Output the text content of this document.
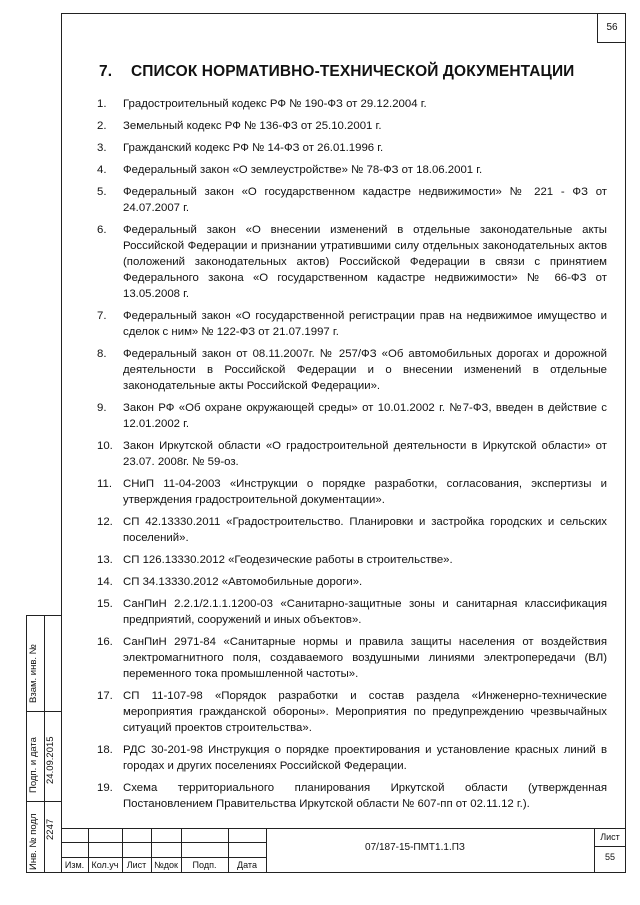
56
7. СПИСОК НОРМАТИВНО-ТЕХНИЧЕСКОЙ ДОКУМЕНТАЦИИ
1.	Градостроительный кодекс РФ № 190-ФЗ от 29.12.2004 г.
2.	Земельный кодекс РФ № 136-ФЗ от 25.10.2001 г.
3.	Гражданский кодекс РФ № 14-ФЗ от 26.01.1996 г.
4.	Федеральный закон «О землеустройстве» № 78-ФЗ от 18.06.2001 г.
5.	Федеральный закон «О государственном кадастре недвижимости» № 221 - ФЗ от 24.07.2007 г.
6.	Федеральный закон «О внесении изменений в отдельные законодательные акты Российской Федерации и признании утратившими силу отдельных законодательных актов (положений законодательных актов) Российской Федерации в связи с принятием Федерального закона «О государственном кадастре недвижимости» № 66-ФЗ от 13.05.2008 г.
7.	Федеральный закон «О государственной регистрации прав на недвижимое имущество и сделок с ним» № 122-ФЗ от 21.07.1997 г.
8.	Федеральный закон от 08.11.2007г. № 257/ФЗ «Об автомобильных дорогах и дорожной деятельности в Российской Федерации и о внесении изменений в отдельные законодательные акты Российской Федерации».
9.	Закон РФ «Об охране окружающей среды» от 10.01.2002 г. №7-ФЗ, введен в действие с 12.01.2002 г.
10. Закон Иркутской области «О градостроительной деятельности в Иркутской области» от 23.07. 2008г. № 59-оз.
11. СНиП 11-04-2003 «Инструкции о порядке разработки, согласования, экспертизы и утверждения градостроительной документации».
12. СП 42.13330.2011 «Градостроительство. Планировки и застройка городских и сельских поселений».
13. СП 126.13330.2012 «Геодезические работы в строительстве».
14. СП 34.13330.2012 «Автомобильные дороги».
15. СанПиН 2.2.1/2.1.1.1200-03 «Санитарно-защитные зоны и санитарная классификация предприятий, сооружений и иных объектов».
16. СанПиН 2971-84 «Санитарные нормы и правила защиты населения от воздействия электромагнитного поля, создаваемого воздушными линиями электропередачи (ВЛ) переменного тока промышленной частоты».
17. СП 11-107-98 «Порядок разработки и состав раздела «Инженерно-технические мероприятия гражданской обороны». Мероприятия по предупреждению чрезвычайных ситуаций проектов строительства».
18. РДС 30-201-98 Инструкция о порядке проектирования и установление красных линий в городах и других поселениях Российской Федерации.
19. Схема территориального планирования Иркутской области (утвержденная Постановлением Правительства Иркутской области № 607-пп от 02.11.12 г.).
Взам. инв. №
Подп. и дата 24.09.2015
Инв. № подл 2247
Изм. Кол.уч Лист №док	Подп.	Дата
Лист
55
07/187-15-ПМТ1.1.ПЗ
